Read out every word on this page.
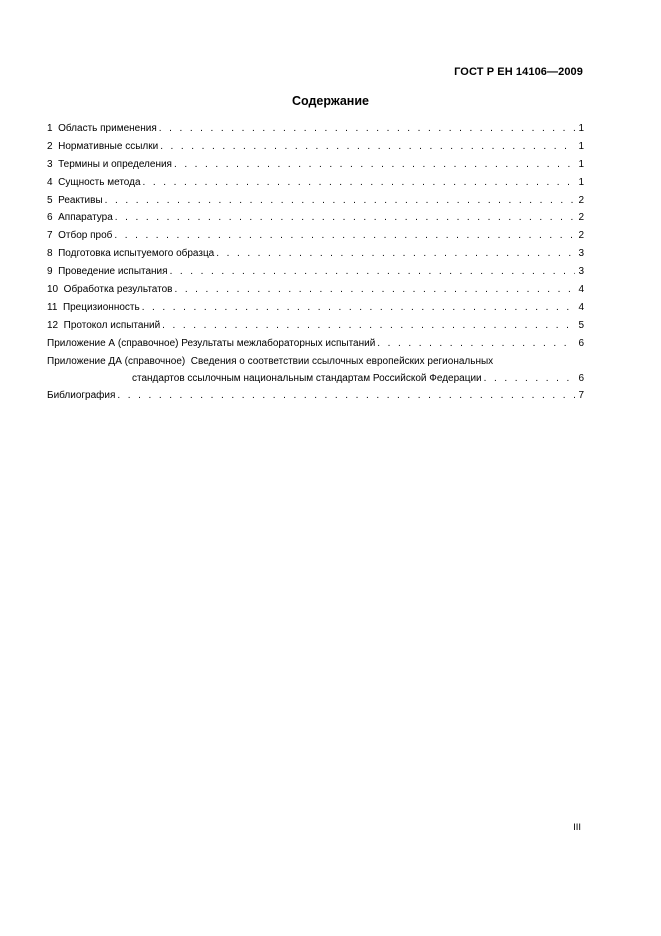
ГОСТ Р ЕН 14106—2009
Содержание
1  Область применения . . .	1
2  Нормативные ссылки . . .	1
3  Термины и определения . . .	1
4  Сущность метода . . .	1
5  Реактивы . . .	2
6  Аппаратура . . .	2
7  Отбор проб . . .	2
8  Подготовка испытуемого образца . . .	3
9  Проведение испытания . . .	3
10  Обработка результатов . . .	4
11  Прецизионность . . .	4
12  Протокол испытаний . . .	5
Приложение А (справочное) Результаты межлабораторных испытаний . . .	6
Приложение ДА (справочное)  Сведения о соответствии ссылочных европейских региональных
стандартов ссылочным национальным стандартам Российской Федерации . . .	6
Библиография . . .	7
III
